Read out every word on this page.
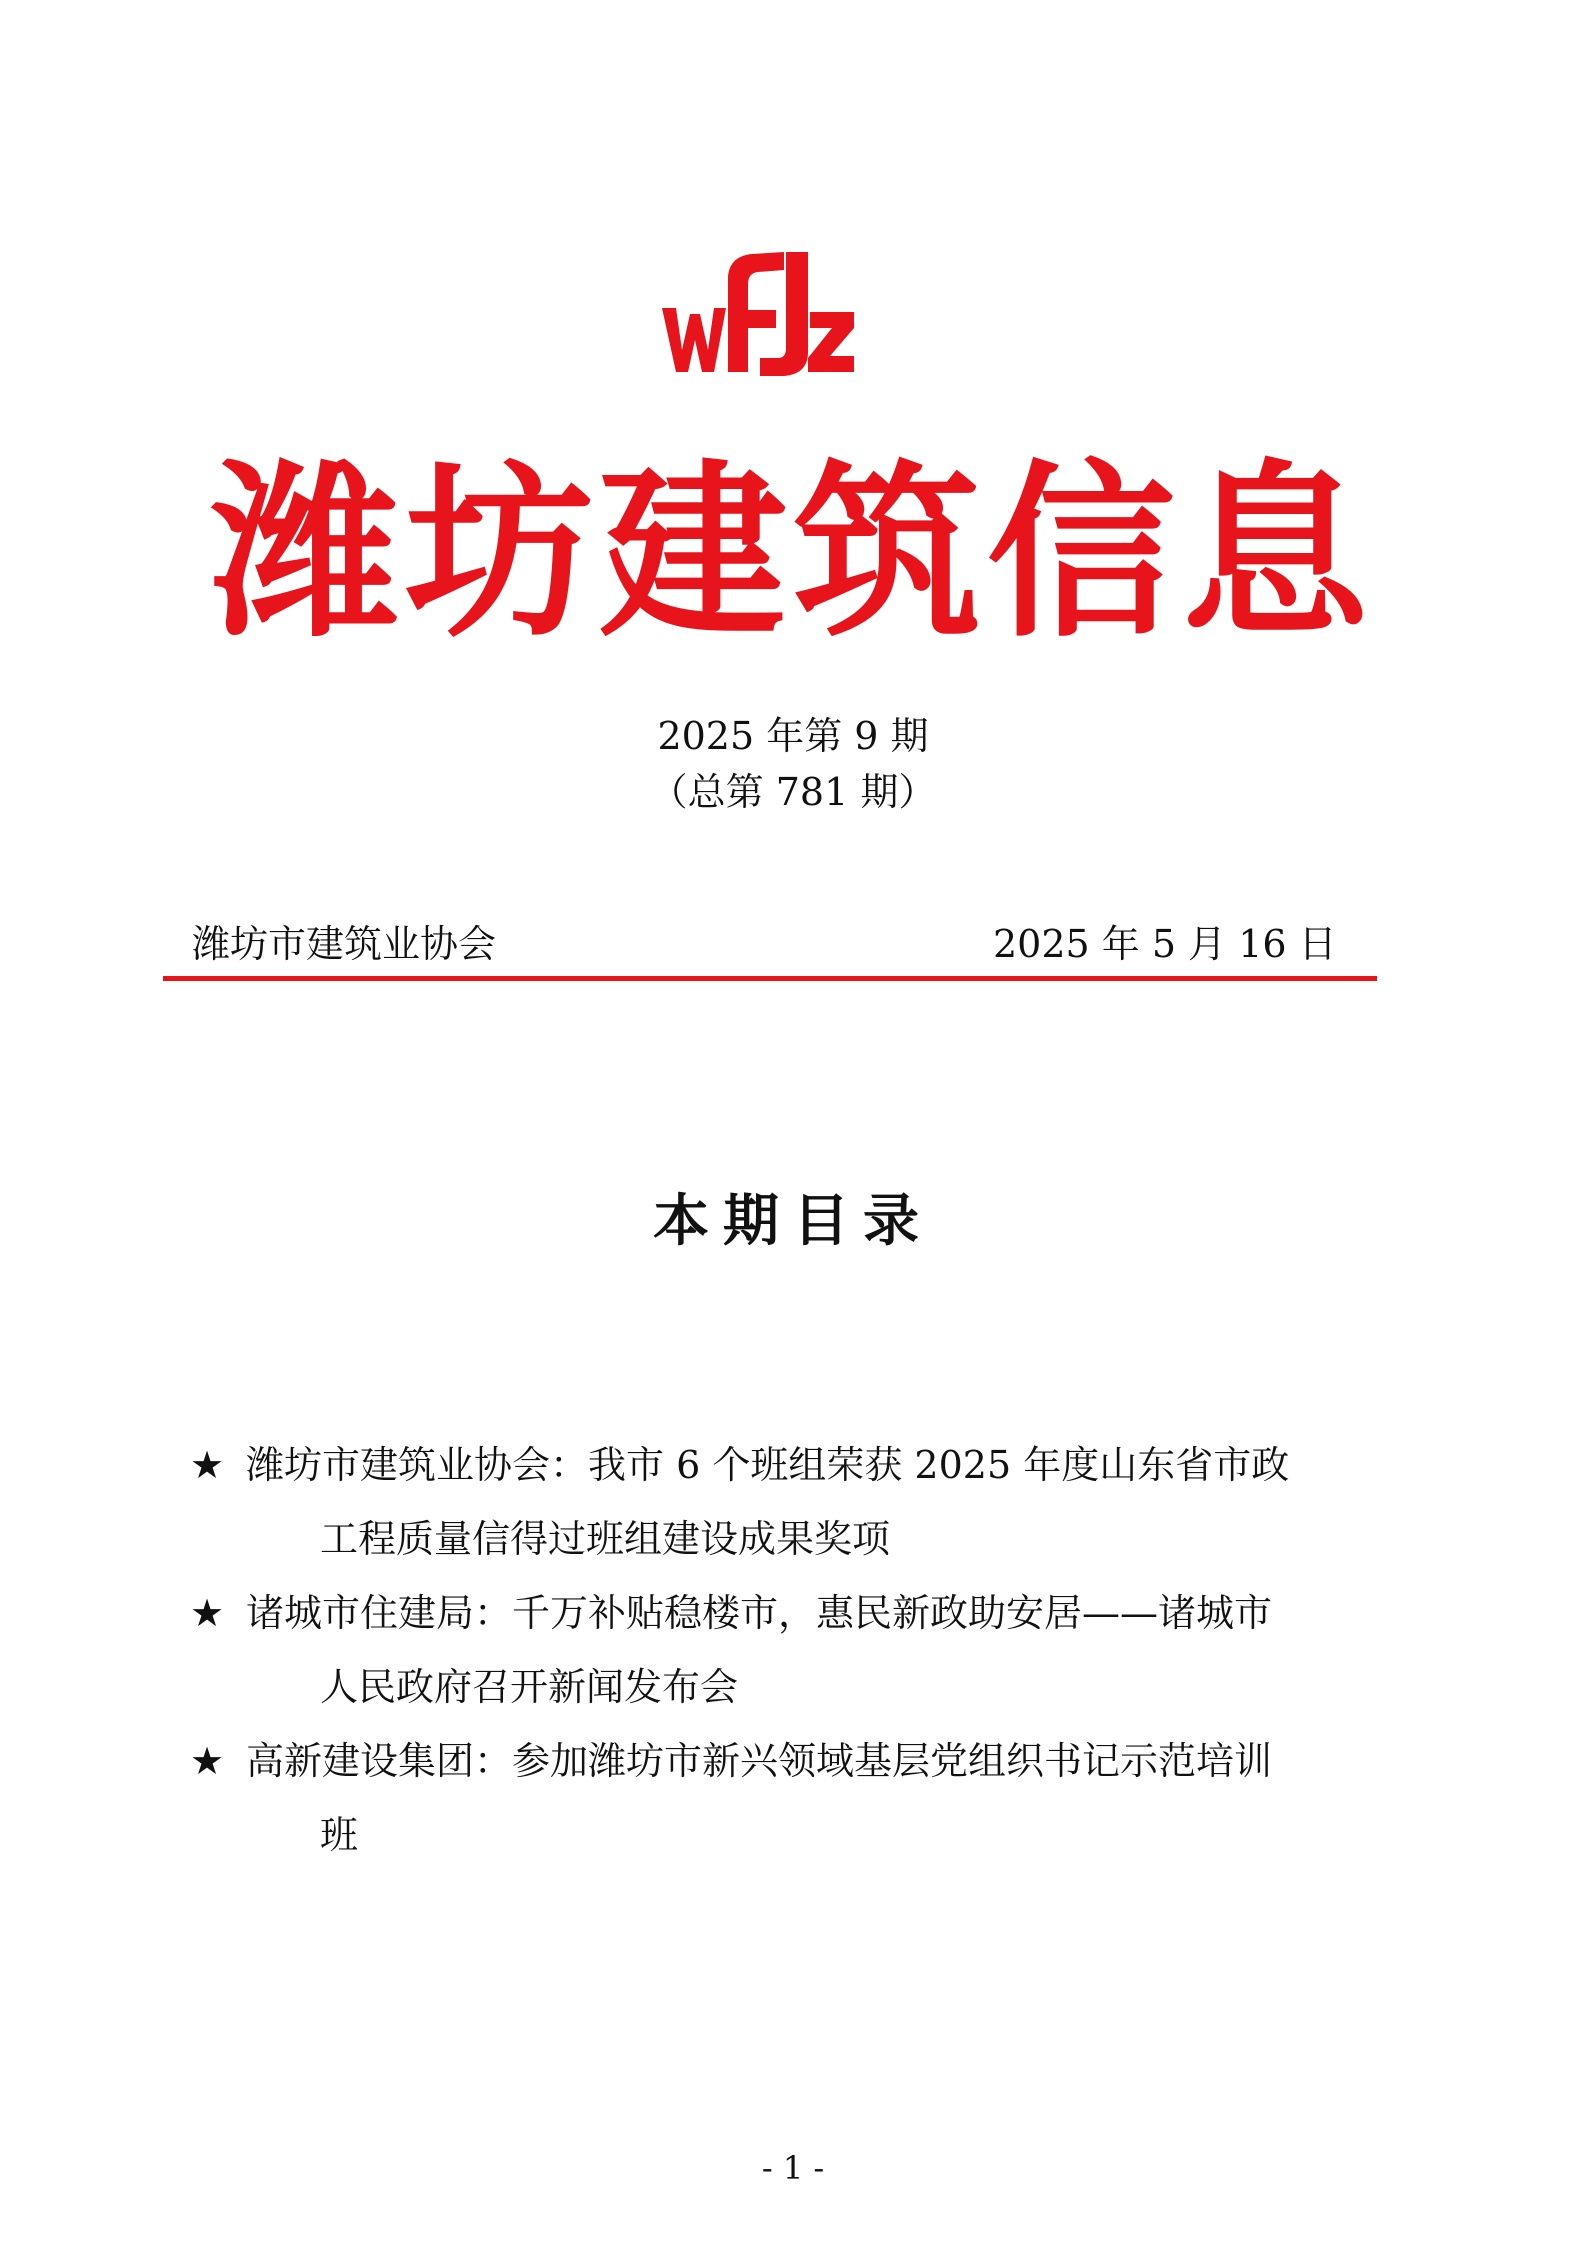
潍坊建筑信息
2025 年第 9 期
（总第 781 期）
潍坊市建筑业协会	2025 年 5 月 16 日
本期目录
★ 潍坊市建筑业协会：我市 6 个班组荣获 2025 年度山东省市政
工程质量信得过班组建设成果奖项
★ 诸城市住建局：千万补贴稳楼市，惠民新政助安居——诸城市
人民政府召开新闻发布会
★ 高新建设集团：参加潍坊市新兴领域基层党组织书记示范培训
班
- 1 -
